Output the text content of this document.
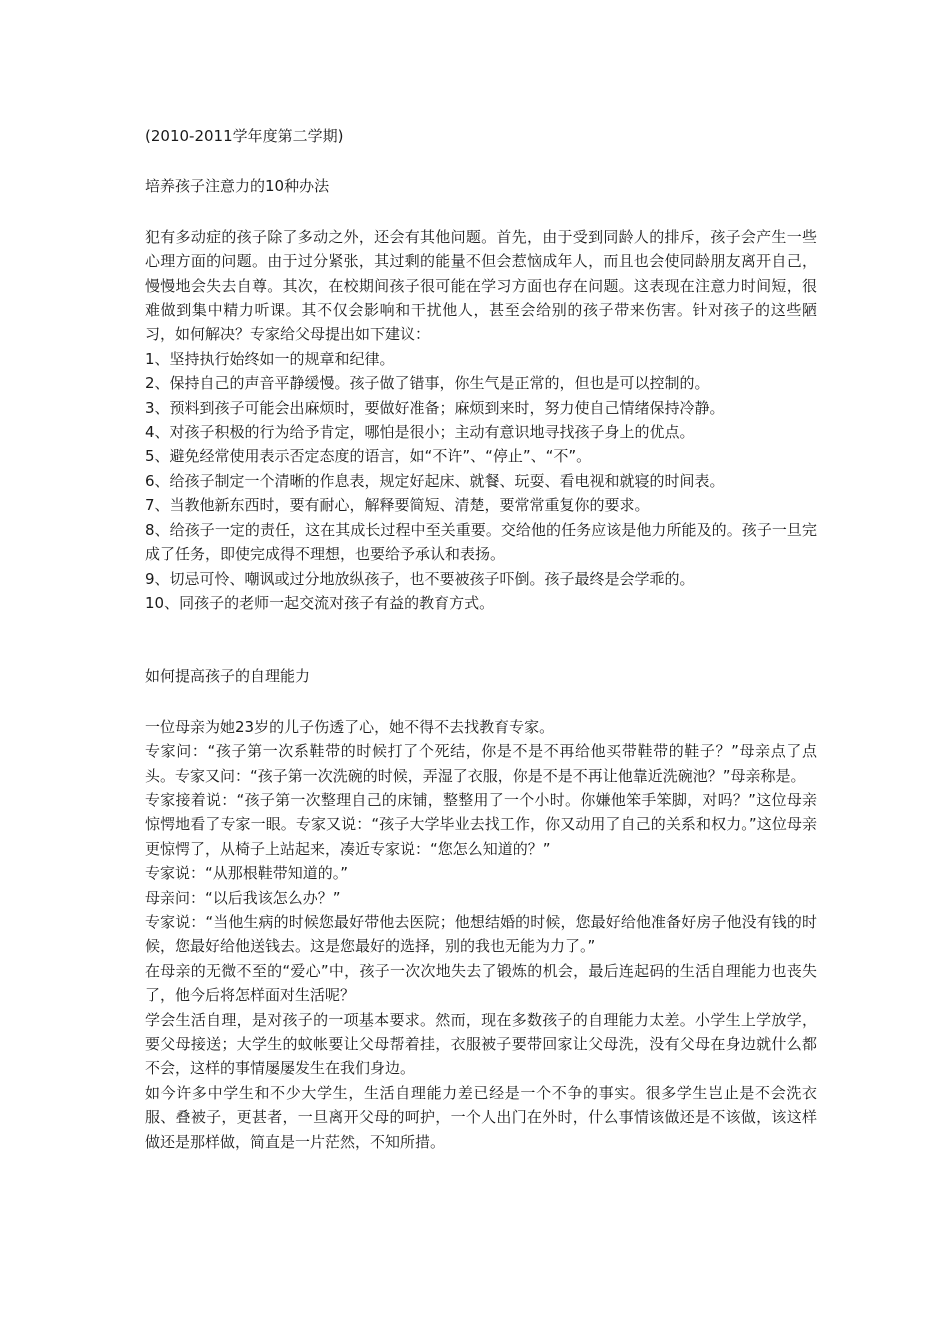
(2010-2011学年度第二学期)

培养孩子注意力的10种办法

犯有多动症的孩子除了多动之外，还会有其他问题。首先，由于受到同龄人的排斥，孩子会产生一些心理方面的问题。由于过分紧张，其过剩的能量不但会惹恼成年人，而且也会使同龄朋友离开自己，慢慢地会失去自尊。其次，在校期间孩子很可能在学习方面也存在问题。这表现在注意力时间短，很难做到集中精力听课。其不仅会影响和干扰他人，甚至会给别的孩子带来伤害。针对孩子的这些陋习，如何解决？专家给父母提出如下建议：

1、坚持执行始终如一的规章和纪律。

2、保持自己的声音平静缓慢。孩子做了错事，你生气是正常的，但也是可以控制的。

3、预料到孩子可能会出麻烦时，要做好准备；麻烦到来时，努力使自己情绪保持冷静。

4、对孩子积极的行为给予肯定，哪怕是很小；主动有意识地寻找孩子身上的优点。

5、避免经常使用表示否定态度的语言，如“不许”、“停止”、“不”。

6、给孩子制定一个清晰的作息表，规定好起床、就餐、玩耍、看电视和就寝的时间表。

7、当教他新东西时，要有耐心，解释要简短、清楚，要常常重复你的要求。

8、给孩子一定的责任，这在其成长过程中至关重要。交给他的任务应该是他力所能及的。孩子一旦完成了任务，即使完成得不理想，也要给予承认和表扬。

9、切忌可怜、嘲讽或过分地放纵孩子，也不要被孩子吓倒。孩子最终是会学乖的。

10、同孩子的老师一起交流对孩子有益的教育方式。

如何提高孩子的自理能力

一位母亲为她23岁的儿子伤透了心，她不得不去找教育专家。

专家问：“孩子第一次系鞋带的时候打了个死结，你是不是不再给他买带鞋带的鞋子？”母亲点了点头。专家又问：“孩子第一次洗碗的时候，弄湿了衣服，你是不是不再让他靠近洗碗池？”母亲称是。

专家接着说：“孩子第一次整理自己的床铺，整整用了一个小时。你嫌他笨手笨脚，对吗？”这位母亲惊愕地看了专家一眼。专家又说：“孩子大学毕业去找工作，你又动用了自己的关系和权力。”这位母亲更惊愕了，从椅子上站起来，凑近专家说：“您怎么知道的？”

专家说：“从那根鞋带知道的。”

母亲问：“以后我该怎么办？”

专家说：“当他生病的时候您最好带他去医院；他想结婚的时候，您最好给他准备好房子他没有钱的时候，您最好给他送钱去。这是您最好的选择，别的我也无能为力了。”

在母亲的无微不至的“爱心”中，孩子一次次地失去了锻炼的机会，最后连起码的生活自理能力也丧失了，他今后将怎样面对生活呢？

学会生活自理，是对孩子的一项基本要求。然而，现在多数孩子的自理能力太差。小学生上学放学，要父母接送；大学生的蚊帐要让父母帮着挂，衣服被子要带回家让父母洗，没有父母在身边就什么都不会，这样的事情屡屡发生在我们身边。

如今许多中学生和不少大学生，生活自理能力差已经是一个不争的事实。很多学生岂止是不会洗衣服、叠被子，更甚者，一旦离开父母的呵护，一个人出门在外时，什么事情该做还是不该做，该这样做还是那样做，简直是一片茫然，不知所措。
